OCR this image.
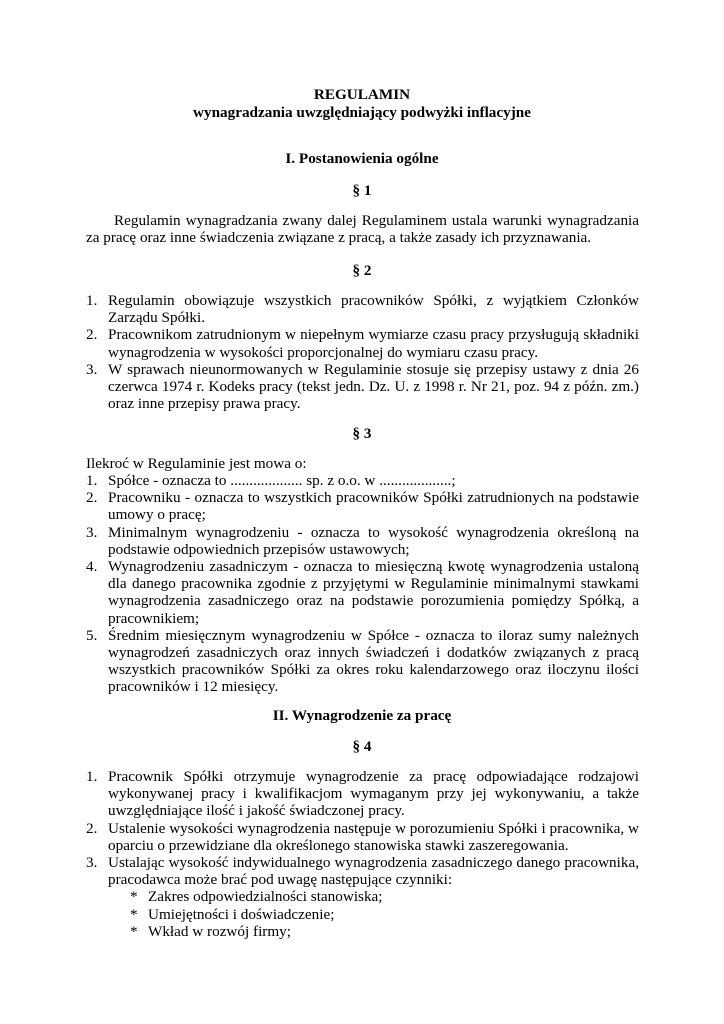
REGULAMIN

wynagradzania uwzględniający podwyżki inflacyjne

I. Postanowienia ogólne

§ 1

Regulamin wynagradzania zwany dalej Regulaminem ustala warunki wynagradzania za pracę oraz inne świadczenia związane z pracą, a także zasady ich przyznawania.

§ 2

1. Regulamin obowiązuje wszystkich pracowników Spółki, z wyjątkiem Członków Zarządu Spółki.
2. Pracownikom zatrudnionym w niepełnym wymiarze czasu pracy przysługują składniki wynagrodzenia w wysokości proporcjonalnej do wymiaru czasu pracy.
3. W sprawach nieunormowanych w Regulaminie stosuje się przepisy ustawy z dnia 26 czerwca 1974 r. Kodeks pracy (tekst jedn. Dz. U. z 1998 r. Nr 21, poz. 94 z późn. zm.) oraz inne przepisy prawa pracy.

§ 3

Ilekroć w Regulaminie jest mowa o:

1. Spółce - oznacza to ................... sp. z o.o. w ...................;
2. Pracowniku - oznacza to wszystkich pracowników Spółki zatrudnionych na podstawie umowy o pracę;
3. Minimalnym wynagrodzeniu - oznacza to wysokość wynagrodzenia określoną na podstawie odpowiednich przepisów ustawowych;
4. Wynagrodzeniu zasadniczym - oznacza to miesięczną kwotę wynagrodzenia ustaloną dla danego pracownika zgodnie z przyjętymi w Regulaminie minimalnymi stawkami wynagrodzenia zasadniczego oraz na podstawie porozumienia pomiędzy Spółką, a pracownikiem;
5. Średnim miesięcznym wynagrodzeniu w Spółce - oznacza to iloraz sumy należnych wynagrodzeń zasadniczych oraz innych świadczeń i dodatków związanych z pracą wszystkich pracowników Spółki za okres roku kalendarzowego oraz iloczynu ilości pracowników i 12 miesięcy.

II. Wynagrodzenie za pracę

§ 4

1. Pracownik Spółki otrzymuje wynagrodzenie za pracę odpowiadające rodzajowi wykonywanej pracy i kwalifikacjom wymaganym przy jej wykonywaniu, a także uwzględniające ilość i jakość świadczonej pracy.
2. Ustalenie wysokości wynagrodzenia następuje w porozumieniu Spółki i pracownika, w oparciu o przewidziane dla określonego stanowiska stawki zaszeregowania.
3. Ustalając wysokość indywidualnego wynagrodzenia zasadniczego danego pracownika, pracodawca może brać pod uwagę następujące czynniki:
* Zakres odpowiedzialności stanowiska;
* Umiejętności i doświadczenie;
* Wkład w rozwój firmy;
